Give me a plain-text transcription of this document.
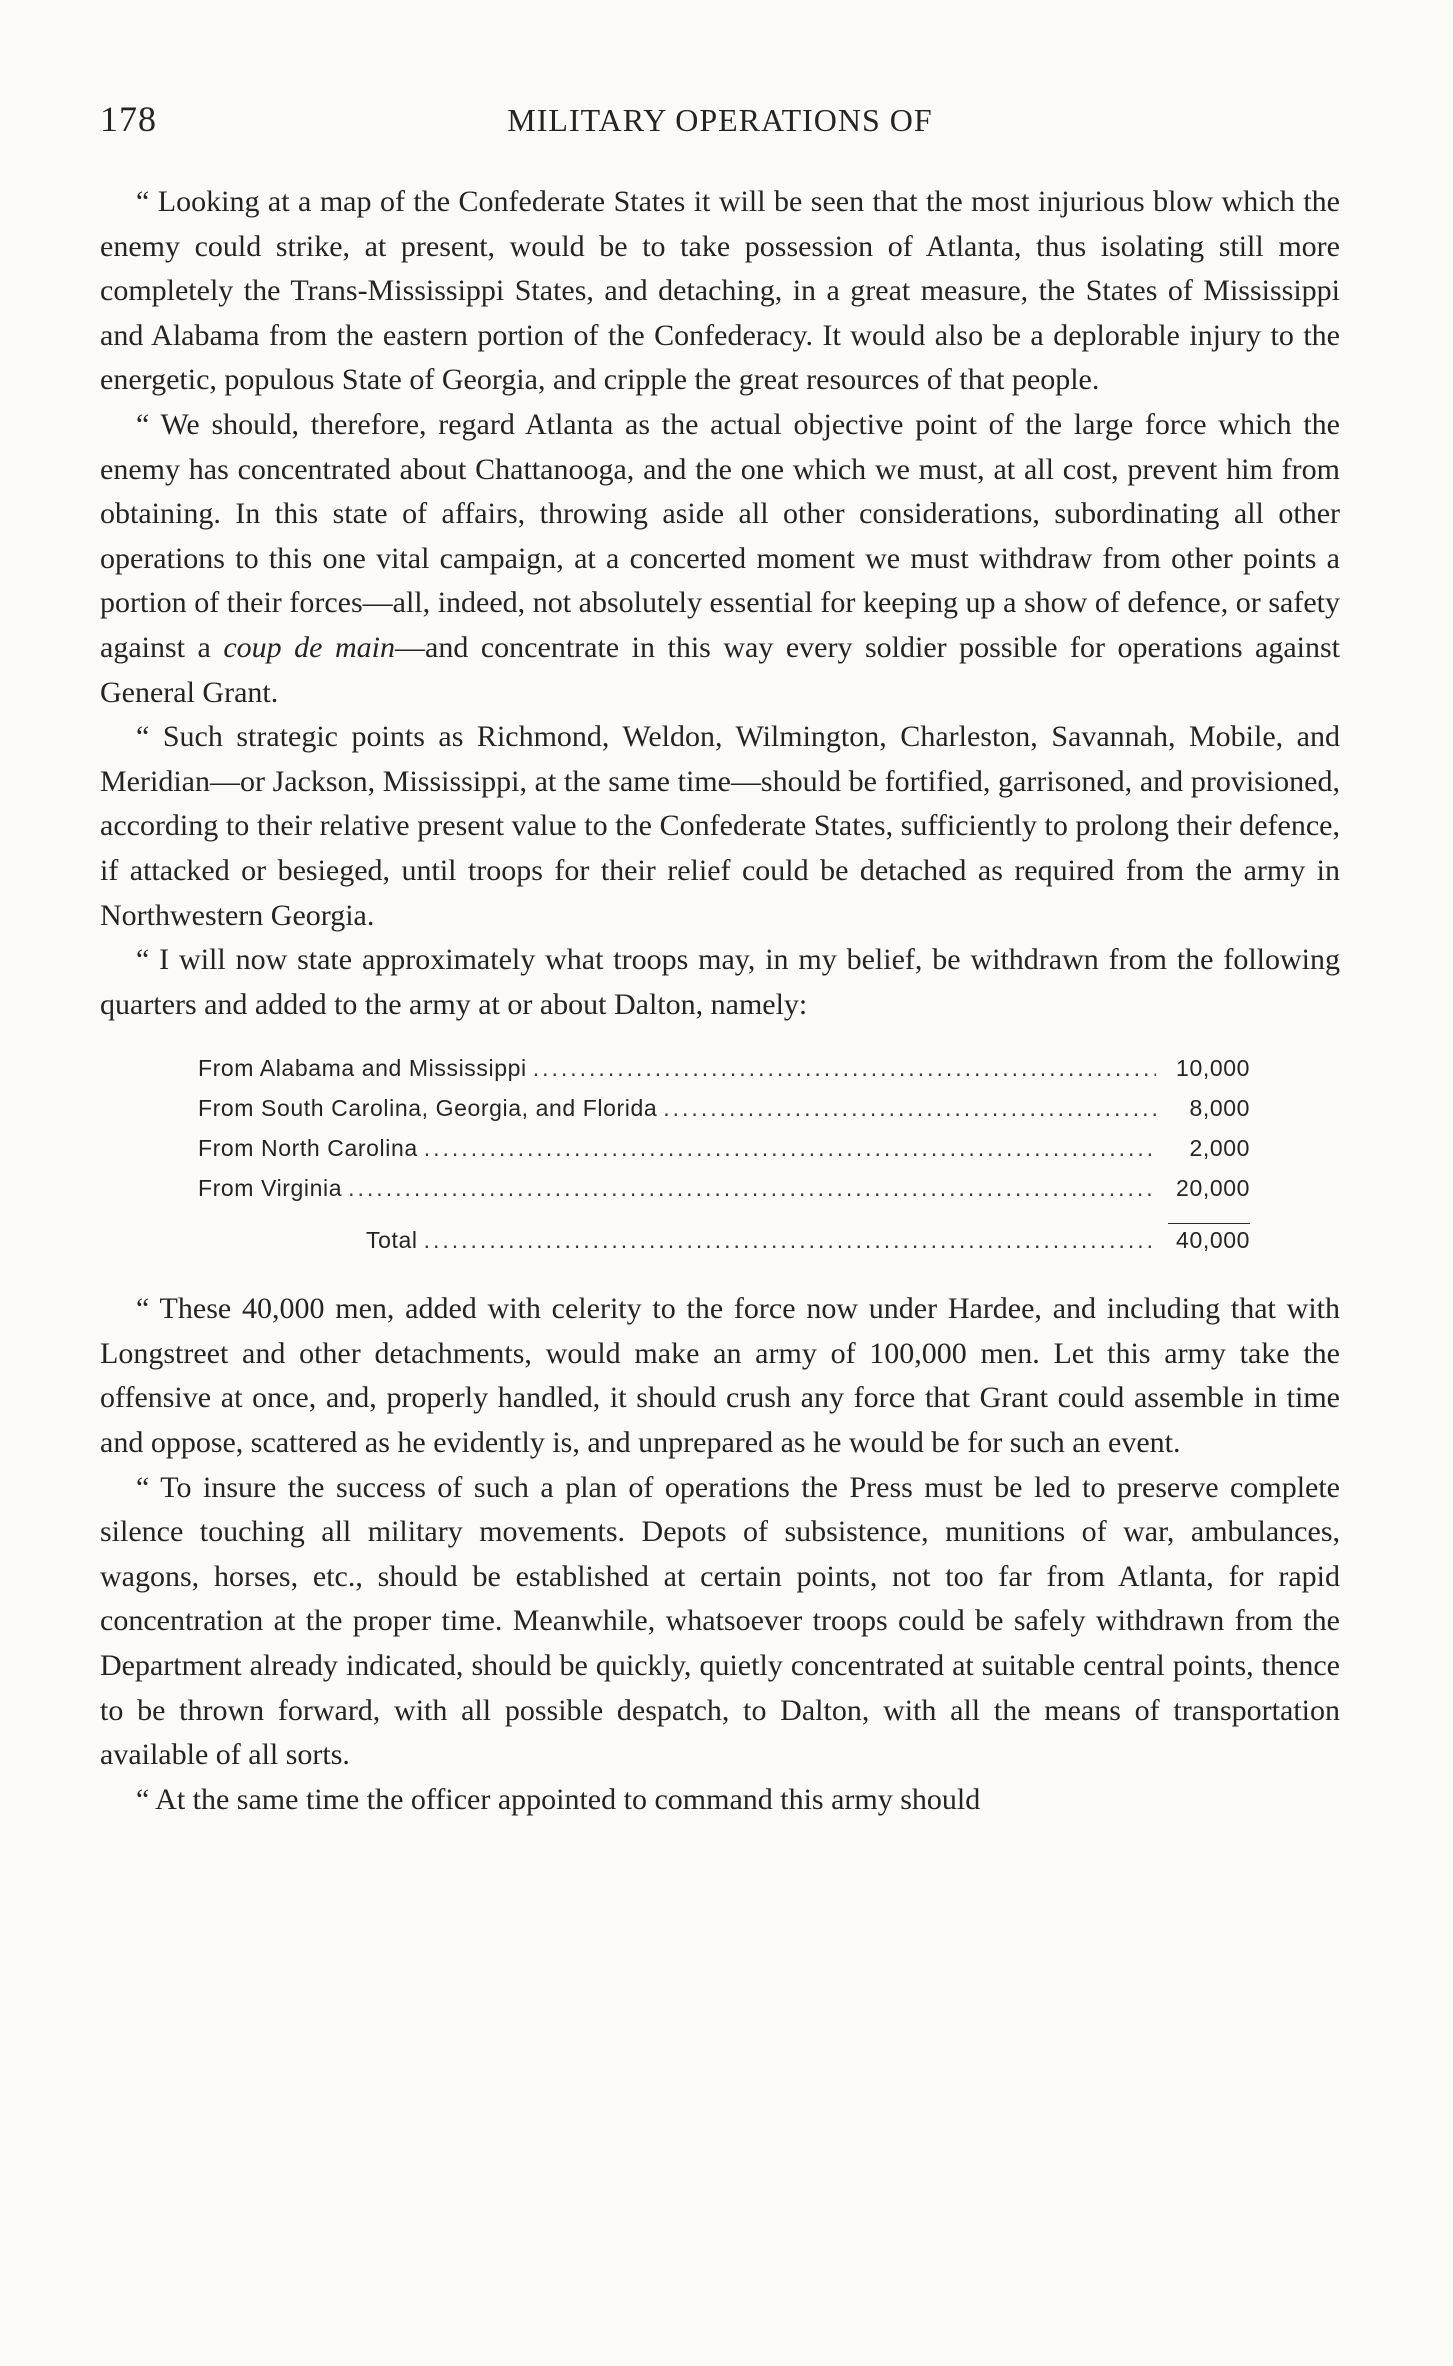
178	MILITARY OPERATIONS OF

“ Looking at a map of the Confederate States it will be seen that the most injurious blow which the enemy could strike, at present, would be to take possession of Atlanta, thus isolating still more completely the Trans-Mississippi States, and detaching, in a great measure, the States of Mississippi and Alabama from the eastern portion of the Confederacy. It would also be a deplorable injury to the energetic, populous State of Georgia, and cripple the great resources of that people.

“ We should, therefore, regard Atlanta as the actual objective point of the large force which the enemy has concentrated about Chattanooga, and the one which we must, at all cost, prevent him from obtaining. In this state of affairs, throwing aside all other considerations, subordinating all other operations to this one vital campaign, at a concerted moment we must withdraw from other points a portion of their forces—all, indeed, not absolutely essential for keeping up a show of defence, or safety against a coup de main—and concentrate in this way every soldier possible for operations against General Grant.

“ Such strategic points as Richmond, Weldon, Wilmington, Charleston, Savannah, Mobile, and Meridian—or Jackson, Mississippi, at the same time—should be fortified, garrisoned, and provisioned, according to their relative present value to the Confederate States, sufficiently to prolong their defence, if attacked or besieged, until troops for their relief could be detached as required from the army in Northwestern Georgia.

“ I will now state approximately what troops may, in my belief, be withdrawn from the following quarters and added to the army at or about Dalton, namely:

From Alabama and Mississippi .....	10,000
From South Carolina, Georgia, and Florida .....	8,000
From North Carolina .....	2,000
From Virginia .....	20,000
Total .....	40,000

“ These 40,000 men, added with celerity to the force now under Hardee, and including that with Longstreet and other detachments, would make an army of 100,000 men. Let this army take the offensive at once, and, properly handled, it should crush any force that Grant could assemble in time and oppose, scattered as he evidently is, and unprepared as he would be for such an event.

“ To insure the success of such a plan of operations the Press must be led to preserve complete silence touching all military movements. Depots of subsistence, munitions of war, ambulances, wagons, horses, etc., should be established at certain points, not too far from Atlanta, for rapid concentration at the proper time. Meanwhile, whatsoever troops could be safely withdrawn from the Department already indicated, should be quickly, quietly concentrated at suitable central points, thence to be thrown forward, with all possible despatch, to Dalton, with all the means of transportation available of all sorts.

“ At the same time the officer appointed to command this army should
